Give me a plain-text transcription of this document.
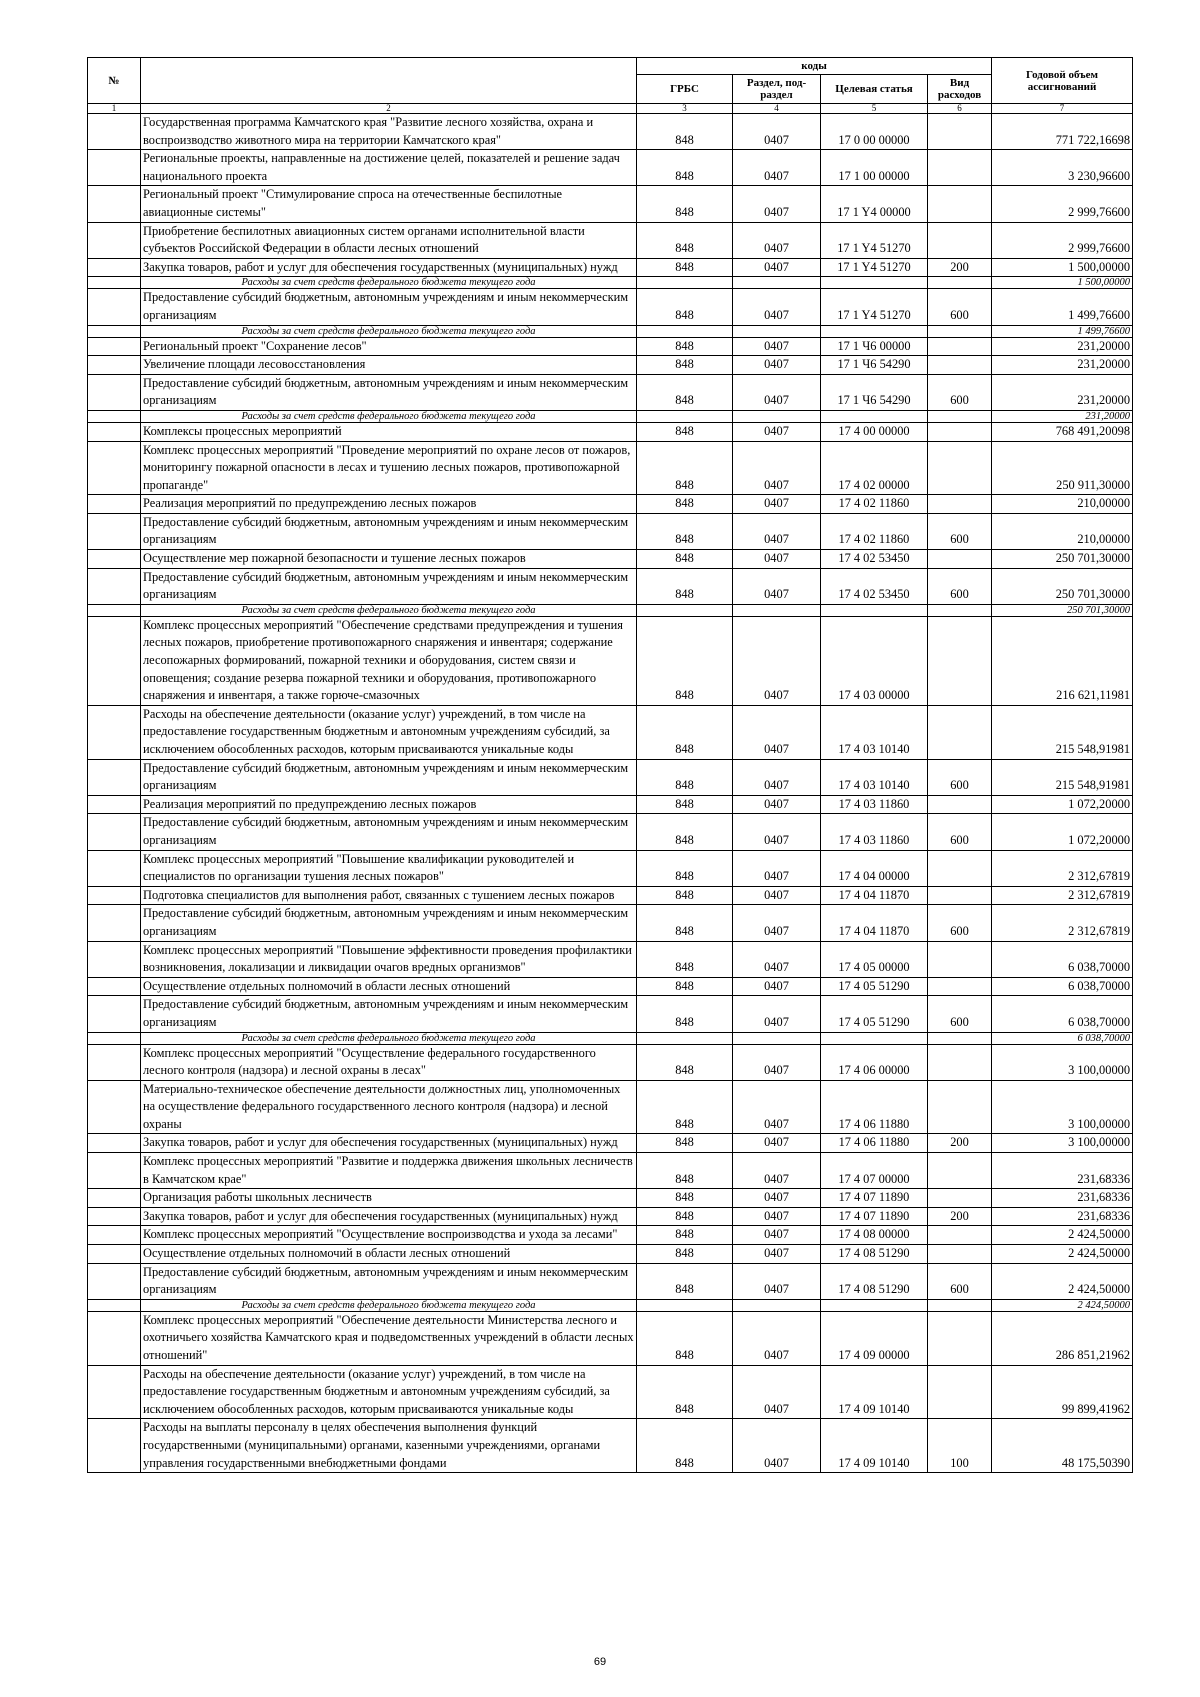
№		коды				Годовой объем ассигнований
		ГРБС	Раздел, под-раздел	Целевая статья	Вид расходов	
1	2	3	4	5	6	7
	Государственная программа Камчатского края "Развитие лесного хозяйства, охрана и воспроизводство животного мира на территории Камчатского края"	848	0407	17 0 00 00000		771 722,16698
	Региональные проекты, направленные на достижение целей, показателей и решение задач национального проекта	848	0407	17 1 00 00000		3 230,96600
	Региональный проект "Стимулирование спроса на отечественные беспилотные авиационные системы"	848	0407	17 1 Y4 00000		2 999,76600
	Приобретение беспилотных авиационных систем органами исполнительной власти субъектов Российской Федерации в области лесных отношений	848	0407	17 1 Y4 51270		2 999,76600
	Закупка товаров, работ и услуг для обеспечения государственных (муниципальных) нужд	848	0407	17 1 Y4 51270	200	1 500,00000
	Расходы за счет средств федерального бюджета текущего года					1 500,00000
	Предоставление субсидий бюджетным, автономным учреждениям и иным некоммерческим организациям	848	0407	17 1 Y4 51270	600	1 499,76600
	Расходы за счет средств федерального бюджета текущего года					1 499,76600
	Региональный проект "Сохранение лесов"	848	0407	17 1 Ч6 00000		231,20000
	Увеличение площади лесовосстановления	848	0407	17 1 Ч6 54290		231,20000
	Предоставление субсидий бюджетным, автономным учреждениям и иным некоммерческим организациям	848	0407	17 1 Ч6 54290	600	231,20000
	Расходы за счет средств федерального бюджета текущего года					231,20000
	Комплексы процессных мероприятий	848	0407	17 4 00 00000		768 491,20098
	Комплекс процессных мероприятий "Проведение мероприятий по охране лесов от пожаров, мониторингу пожарной опасности в лесах и тушению лесных пожаров, противопожарной пропаганде"	848	0407	17 4 02 00000		250 911,30000
	Реализация мероприятий по предупреждению лесных пожаров	848	0407	17 4 02 11860		210,00000
	Предоставление субсидий бюджетным, автономным учреждениям и иным некоммерческим организациям	848	0407	17 4 02 11860	600	210,00000
	Осуществление мер пожарной безопасности и тушение лесных пожаров	848	0407	17 4 02 53450		250 701,30000
	Предоставление субсидий бюджетным, автономным учреждениям и иным некоммерческим организациям	848	0407	17 4 02 53450	600	250 701,30000
	Расходы за счет средств федерального бюджета текущего года					250 701,30000
	Комплекс процессных мероприятий "Обеспечение средствами предупреждения и тушения лесных пожаров, приобретение противопожарного снаряжения и инвентаря; содержание лесопожарных формирований, пожарной техники и оборудования, систем связи и оповещения; создание резерва пожарной техники и оборудования, противопожарного снаряжения и инвентаря, а также горюче-смазочных	848	0407	17 4 03 00000		216 621,11981
	Расходы на обеспечение деятельности (оказание услуг) учреждений, в том числе на предоставление государственным бюджетным и автономным учреждениям субсидий, за исключением обособленных расходов, которым присваиваются уникальные коды	848	0407	17 4 03 10140		215 548,91981
	Предоставление субсидий бюджетным, автономным учреждениям и иным некоммерческим организациям	848	0407	17 4 03 10140	600	215 548,91981
	Реализация мероприятий по предупреждению лесных пожаров	848	0407	17 4 03 11860		1 072,20000
	Предоставление субсидий бюджетным, автономным учреждениям и иным некоммерческим организациям	848	0407	17 4 03 11860	600	1 072,20000
	Комплекс процессных мероприятий "Повышение квалификации руководителей и специалистов по организации тушения лесных пожаров"	848	0407	17 4 04 00000		2 312,67819
	Подготовка специалистов для выполнения работ, связанных с тушением лесных пожаров	848	0407	17 4 04 11870		2 312,67819
	Предоставление субсидий бюджетным, автономным учреждениям и иным некоммерческим организациям	848	0407	17 4 04 11870	600	2 312,67819
	Комплекс процессных мероприятий "Повышение эффективности проведения профилактики возникновения, локализации и ликвидации очагов вредных организмов"	848	0407	17 4 05 00000		6 038,70000
	Осуществление отдельных полномочий в области лесных отношений	848	0407	17 4 05 51290		6 038,70000
	Предоставление субсидий бюджетным, автономным учреждениям и иным некоммерческим организациям	848	0407	17 4 05 51290	600	6 038,70000
	Расходы за счет средств федерального бюджета текущего года					6 038,70000
	Комплекс процессных мероприятий "Осуществление федерального государственного лесного контроля (надзора) и лесной охраны в лесах"	848	0407	17 4 06 00000		3 100,00000
	Материально-техническое обеспечение деятельности должностных лиц, уполномоченных на осуществление федерального государственного лесного контроля (надзора) и лесной охраны	848	0407	17 4 06 11880		3 100,00000
	Закупка товаров, работ и услуг для обеспечения государственных (муниципальных) нужд	848	0407	17 4 06 11880	200	3 100,00000
	Комплекс процессных мероприятий "Развитие и поддержка движения школьных лесничеств в Камчатском крае"	848	0407	17 4 07 00000		231,68336
	Организация работы школьных лесничеств	848	0407	17 4 07 11890		231,68336
	Закупка товаров, работ и услуг для обеспечения государственных (муниципальных) нужд	848	0407	17 4 07 11890	200	231,68336
	Комплекс процессных мероприятий "Осуществление воспроизводства и ухода за лесами"	848	0407	17 4 08 00000		2 424,50000
	Осуществление отдельных полномочий в области лесных отношений	848	0407	17 4 08 51290		2 424,50000
	Предоставление субсидий бюджетным, автономным учреждениям и иным некоммерческим организациям	848	0407	17 4 08 51290	600	2 424,50000
	Расходы за счет средств федерального бюджета текущего года					2 424,50000
	Комплекс процессных мероприятий "Обеспечение деятельности Министерства лесного и охотничьего хозяйства Камчатского края и подведомственных учреждений в области лесных отношений"	848	0407	17 4 09 00000		286 851,21962
	Расходы на обеспечение деятельности (оказание услуг) учреждений, в том числе на предоставление государственным бюджетным и автономным учреждениям субсидий, за исключением обособленных расходов, которым присваиваются уникальные коды	848	0407	17 4 09 10140		99 899,41962
	Расходы на выплаты персоналу в целях обеспечения выполнения функций государственными (муниципальными) органами, казенными учреждениями, органами управления государственными внебюджетными фондами	848	0407	17 4 09 10140	100	48 175,50390
69
